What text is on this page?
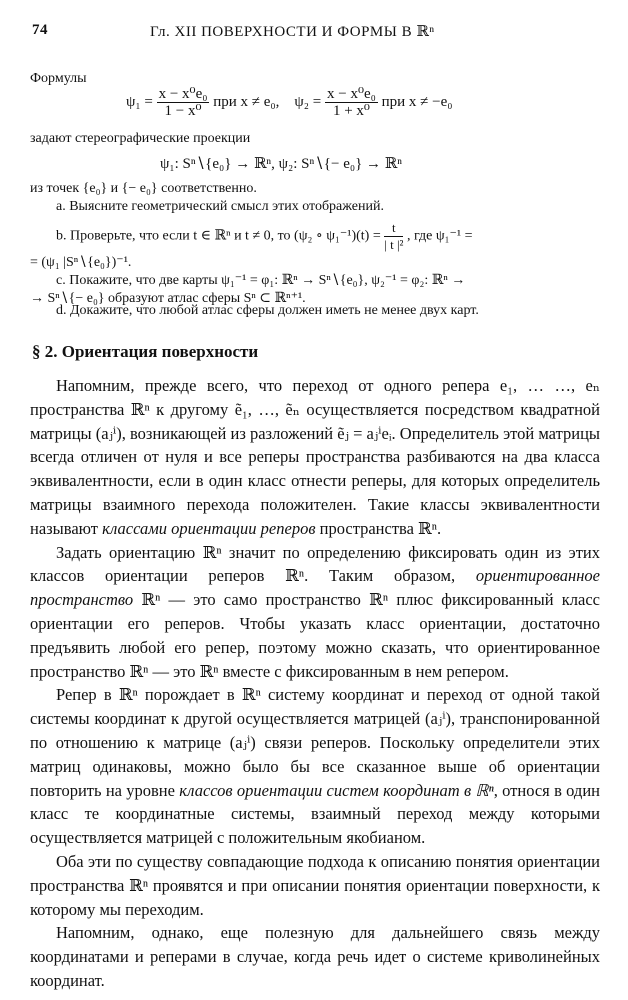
74	Гл. XII ПОВЕРХНОСТИ И ФОРМЫ В ℝⁿ
Формулы
$\psi_1 = \frac{\text{x − x⁰e₀}}{\text{1 − x⁰}}$ при x ≠ e₀, $\psi_2 = \frac{\text{x − x⁰e₀}}{\text{1 + x⁰}}$ при x ≠ −e₀
задают стереографические проекции
ψ₁: Sⁿ∖{e₀} → ℝⁿ, ψ₂: Sⁿ∖{− e₀} → ℝⁿ
из точек {e₀} и {− e₀} соответственно.
a. Выясните геометрический смысл этих отображений.
b. Проверьте, что если t ∈ ℝⁿ и t ≠ 0, то (ψ₂ ∘ $\psi_1^{-1})(t) = \frac{t}{\text{| t |²}}$ , где ψ₁⁻¹ =
= (ψ₁ |Sⁿ∖{e₀})⁻¹.
c. Покажите, что две карты ψ₁⁻¹ = φ₁: ℝⁿ → Sⁿ∖{e₀}, ψ₂⁻¹ = φ₂: ℝⁿ →
→ Sⁿ∖{− e₀} образуют атлас сферы Sⁿ ⊂ ℝⁿ⁺¹.
d. Докажите, что любой атлас сферы должен иметь не менее двух карт.
§ 2. Ориентация поверхности

Напомним, прежде всего, что переход от одного репера e₁, … …, eₙ пространства ℝⁿ к другому ẽ₁, …, ẽₙ осуществляется посредством квадратной матрицы (aⱼⁱ), возникающей из разложений ẽⱼ = aⱼⁱeᵢ. Определитель этой матрицы всегда отличен от нуля и все реперы пространства разбиваются на два класса эквивалентности, если в один класс отнести реперы, для которых определитель матрицы взаимного перехода положителен. Такие классы эквивалентности называют классами ориентации реперов пространства ℝⁿ.

Задать ориентацию ℝⁿ значит по определению фиксировать один из этих классов ориентации реперов ℝⁿ. Таким образом, ориентированное пространство ℝⁿ — это само пространство ℝⁿ плюс фиксированный класс ориентации его реперов. Чтобы указать класс ориентации, достаточно предъявить любой его репер, поэтому можно сказать, что ориентированное пространство ℝⁿ — это ℝⁿ вместе с фиксированным в нем репером.

Репер в ℝⁿ порождает в ℝⁿ систему координат и переход от одной такой системы координат к другой осуществляется матрицей (aⱼⁱ), транспонированной по отношению к матрице (aⱼⁱ) связи реперов. Поскольку определители этих матриц одинаковы, можно было бы все сказанное выше об ориентации повторить на уровне классов ориентации систем координат в ℝⁿ, относя в один класс те координатные системы, взаимный переход между которыми осуществляется матрицей с положительным якобианом.

Оба эти по существу совпадающие подхода к описанию понятия ориентации пространства ℝⁿ проявятся и при описании понятия ориентации поверхности, к которому мы переходим.

Напомним, однако, еще полезную для дальнейшего связь между координатами и реперами в случае, когда речь идет о системе криволинейных координат.
